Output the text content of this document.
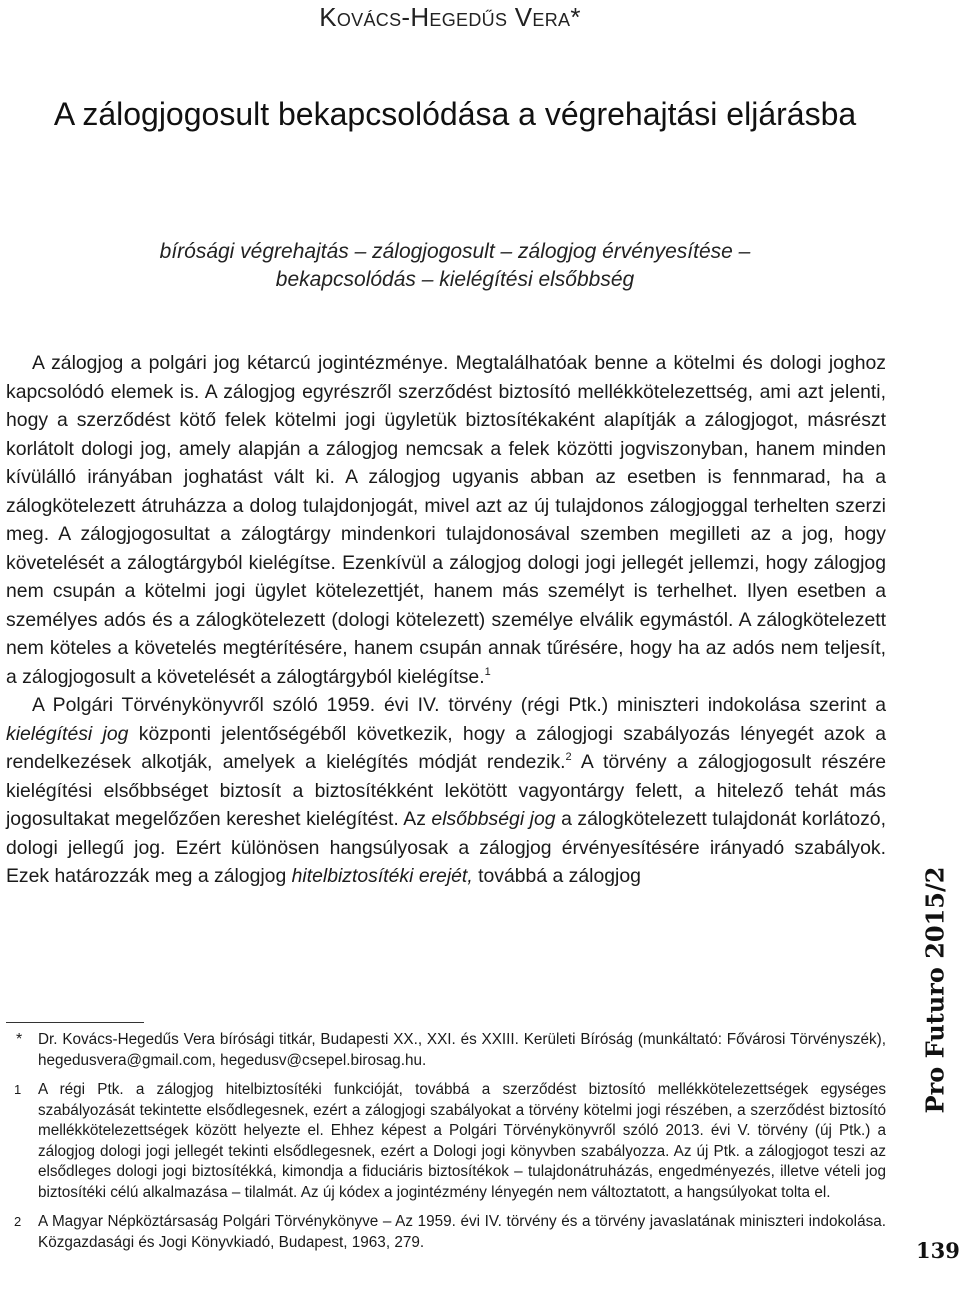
Kovács-Hegedűs Vera*
A zálogjogosult bekapcsolódása a végrehajtási eljárásba
bírósági végrehajtás – zálogjogosult – zálogjog érvényesítése –
bekapcsolódás – kielégítési elsőbbség

A zálogjog a polgári jog kétarcú jogintézménye. Megtalálhatóak benne a kötelmi és dologi joghoz kapcsolódó elemek is. A zálogjog egyrészről szerződést biztosító mellékkötelezettség, ami azt jelenti, hogy a szerződést kötő felek kötelmi jogi ügyletük biztosítékaként alapítják a zálogjogot, másrészt korlátolt dologi jog, amely alapján a zálogjog nemcsak a felek közötti jogviszonyban, hanem minden kívülálló irányában joghatást vált ki. A zálogjog ugyanis abban az esetben is fennmarad, ha a zálogkötelezett átruházza a dolog tulajdonjogát, mivel azt az új tulajdonos zálogjoggal terhelten szerzi meg. A zálogjogosultat a zálogtárgy mindenkori tulajdonosával szemben megilleti az a jog, hogy követelését a zálogtárgyból kielégítse. Ezenkívül a zálogjog dologi jogi jellegét jellemzi, hogy zálogjog nem csupán a kötelmi jogi ügylet kötelezettjét, hanem más személyt is terhelhet. Ilyen esetben a személyes adós és a zálogkötelezett (dologi kötelezett) személye elválik egymástól. A zálogkötelezett nem köteles a követelés megtérítésére, hanem csupán annak tűrésére, hogy ha az adós nem teljesít, a zálogjogosult a követelését a zálogtárgyból kielégítse.$^1$

A Polgári Törvénykönyvről szóló 1959. évi IV. törvény (régi Ptk.) miniszteri indokolása szerint a kielégítési jog központi jelentőségéből következik, hogy a zálogjogi szabályozás lényegét azok a rendelkezések alkotják, amelyek a kielégítés módját rendezik.$^2$ A törvény a zálogjogosult részére kielégítési elsőbbséget biztosít a biztosítékként lekötött vagyontárgy felett, a hitelező tehát más jogosultakat megelőzően kereshet kielégítést. Az elsőbbségi jog a zálogkötelezett tulajdonát korlátozó, dologi jellegű jog. Ezért különösen hangsúlyosak a zálogjog érvényesítésére irányadó szabályok. Ezek határozzák meg a zálogjog hitelbiztosítéki erejét, továbbá a zálogjog

*	Dr. Kovács-Hegedűs Vera bírósági titkár, Budapesti XX., XXI. és XXIII. Kerületi Bíróság (munkáltató: Fővárosi Törvényszék), hegedusvera@gmail.com, hegedusv@csepel.birosag.hu.
1	A régi Ptk. a zálogjog hitelbiztosítéki funkcióját, továbbá a szerződést biztosító mellékkötelezettségek egységes szabályozását tekintette elsődlegesnek, ezért a zálogjogi szabályokat a törvény kötelmi jogi részében, a szerződést biztosító mellékkötelezettségek között helyezte el. Ehhez képest a Polgári Törvénykönyvről szóló 2013. évi V. törvény (új Ptk.) a zálogjog dologi jogi jellegét tekinti elsődlegesnek, ezért a Dologi jogi könyvben szabályozza. Az új Ptk. a zálogjogot teszi az elsődleges dologi jogi biztosítékká, kimondja a fiduciáris biztosítékok – tulajdonátruházás, engedményezés, illetve vételi jog biztosítéki célú alkalmazása – tilalmát. Az új kódex a jogintézmény lényegén nem változtatott, a hangsúlyokat tolta el.
2	A Magyar Népköztársaság Polgári Törvénykönyve – Az 1959. évi IV. törvény és a törvény javaslatának miniszteri indokolása. Közgazdasági és Jogi Könyvkiadó, Budapest, 1963, 279.
Pro Futuro 2015/2
139
